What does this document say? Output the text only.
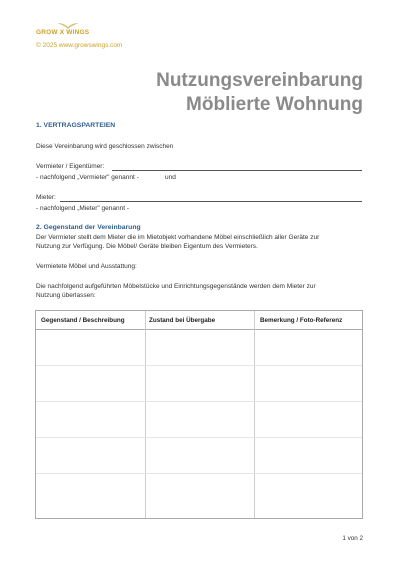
GROW X WINGS
© 2025 www.growswings.com
Nutzungsvereinbarung
Möblierte Wohnung
1. VERTRAGSPARTEIEN
Diese Vereinbarung wird geschlossen zwischen
Vermieter / Eigentümer:
- nachfolgend „Vermieter" genannt -	und
Mieter:
- nachfolgend „Mieter" genannt -
2. Gegenstand der Vereinbarung
Der Vermieter stellt dem Mieter die im Mietobjekt vorhandene Möbel einschließlich aller Geräte zur
Nutzung zur Verfügung. Die Möbel/ Geräte bleiben Eigentum des Vermieters.
Vermietete Möbel und Ausstattung:
Die nachfolgend aufgeführten Möbelstücke und Einrichtungsgegenstände werden dem Mieter zur
Nutzung überlassen:
Gegenstand / Beschreibung	Zustand bei Übergabe	Bemerkung / Foto-Referenz
1 von 2
